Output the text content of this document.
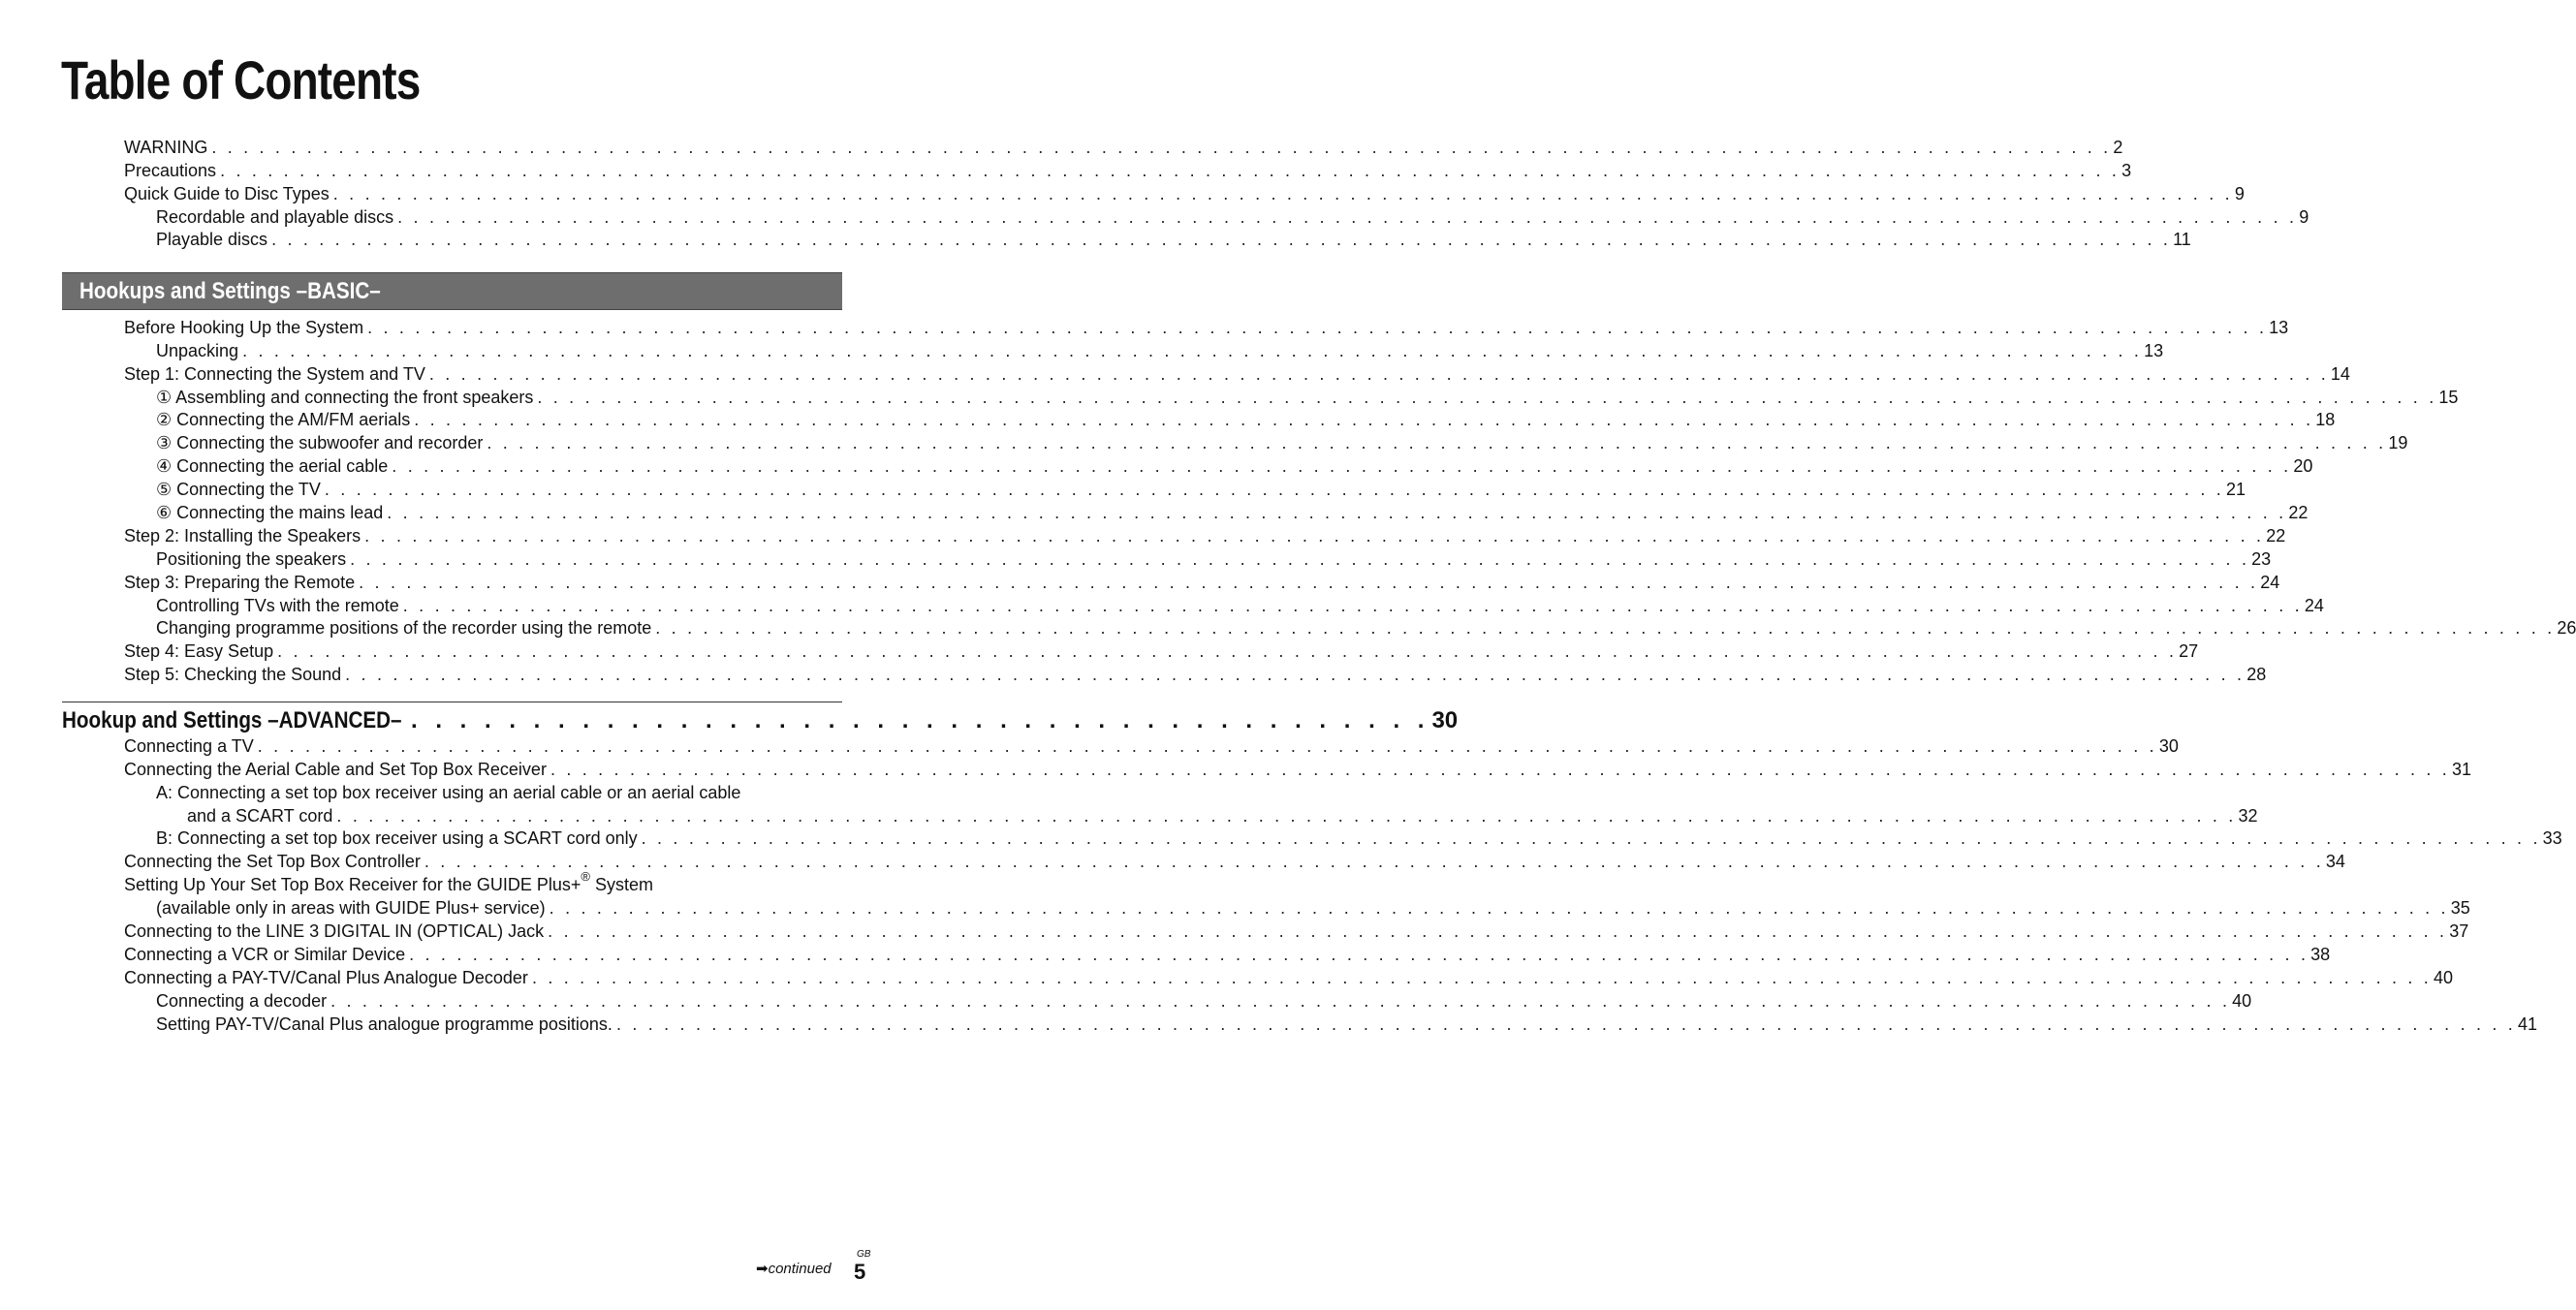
Table of Contents
WARNING . . . . . . . . . . . . . . . . . . . . . . . . . . . . . . . . . . . . . . . . . . . . . . . . . . . . . . . . . . . . . . . . . . . . . . . . . . . . . . . . . . . . . . . . . . . . . . . . . . . . . . . . . . . . . . . . . . . . . . . . 2
Precautions . . . . . . . . . . . . . . . . . . . . . . . . . . . . . . . . . . . . . . . . . . . . . . . . . . . . . . . . . . . . . . . . . . . . . . . . . . . . . . . . . . . . . . . . . . . . . . . . . . . . . . . . . . . . . . . . . . . . . . . . 3
Quick Guide to Disc Types . . . . . . . . . . . . . . . . . . . . . . . . . . . . . . . . . . . . . . . . . . . . . . . . . . . . . . . . . . . . . . . . . . . . . . . . . . . . . . . . . . . . . . . . . . . . . . . . . . . . . . . . . . . . . . . . . . . . . . . . 9
Recordable and playable discs . . . . . . . . . . . . . . . . . . . . . . . . . . . . . . . . . . . . . . . . . . . . . . . . . . . . . . . . . . . . . . . . . . . . . . . . . . . . . . . . . . . . . . . . . . . . . . . . . . . . . . . . . . . . . . . . . . . . . . . . 9
Playable discs . . . . . . . . . . . . . . . . . . . . . . . . . . . . . . . . . . . . . . . . . . . . . . . . . . . . . . . . . . . . . . . . . . . . . . . . . . . . . . . . . . . . . . . . . . . . . . . . . . . . . . . . . . . . . . . . . . . . . . . . 11
Hookups and Settings –BASIC–
Before Hooking Up the System . . . . . . . . . . . . . . . . . . . . . . . . . . . . . . . . . . . . . . . . . . . . . . . . . . . . . . . . . . . . . . . . . . . . . . . . . . . . . . . . . . . . . . . . . . . . . . . . . . . . . . . . . . . . . . . . . . . . . . . . 13
Unpacking . . . . . . . . . . . . . . . . . . . . . . . . . . . . . . . . . . . . . . . . . . . . . . . . . . . . . . . . . . . . . . . . . . . . . . . . . . . . . . . . . . . . . . . . . . . . . . . . . . . . . . . . . . . . . . . . . . . . . . . . 13
Step 1: Connecting the System and TV . . . . . . . . . . . . . . . . . . . . . . . . . . . . . . . . . . . . . . . . . . . . . . . . . . . . . . . . . . . . . . . . . . . . . . . . . . . . . . . . . . . . . . . . . . . . . . . . . . . . . . . . . . . . . . . . . . . . . . . . 14
① Assembling and connecting the front speakers . . . . . . . . . . . . . . . . . . . . . . . . . . . . . . . . . . . . . . . . . . . . . . . . . . . . . . . . . . . . . . . . . . . . . . . . . . . . . . . . . . . . . . . . . . . . . . . . . . . . . . . . . . . . . . . . . . . . . . . . 15
② Connecting the AM/FM aerials . . . . . . . . . . . . . . . . . . . . . . . . . . . . . . . . . . . . . . . . . . . . . . . . . . . . . . . . . . . . . . . . . . . . . . . . . . . . . . . . . . . . . . . . . . . . . . . . . . . . . . . . . . . . . . . . . . . . . . . . 18
③ Connecting the subwoofer and recorder . . . . . . . . . . . . . . . . . . . . . . . . . . . . . . . . . . . . . . . . . . . . . . . . . . . . . . . . . . . . . . . . . . . . . . . . . . . . . . . . . . . . . . . . . . . . . . . . . . . . . . . . . . . . . . . . . . . . . . . . 19
④ Connecting the aerial cable . . . . . . . . . . . . . . . . . . . . . . . . . . . . . . . . . . . . . . . . . . . . . . . . . . . . . . . . . . . . . . . . . . . . . . . . . . . . . . . . . . . . . . . . . . . . . . . . . . . . . . . . . . . . . . . . . . . . . . . . 20
⑤ Connecting the TV . . . . . . . . . . . . . . . . . . . . . . . . . . . . . . . . . . . . . . . . . . . . . . . . . . . . . . . . . . . . . . . . . . . . . . . . . . . . . . . . . . . . . . . . . . . . . . . . . . . . . . . . . . . . . . . . . . . . . . . . 21
⑥ Connecting the mains lead . . . . . . . . . . . . . . . . . . . . . . . . . . . . . . . . . . . . . . . . . . . . . . . . . . . . . . . . . . . . . . . . . . . . . . . . . . . . . . . . . . . . . . . . . . . . . . . . . . . . . . . . . . . . . . . . . . . . . . . . 22
Step 2: Installing the Speakers . . . . . . . . . . . . . . . . . . . . . . . . . . . . . . . . . . . . . . . . . . . . . . . . . . . . . . . . . . . . . . . . . . . . . . . . . . . . . . . . . . . . . . . . . . . . . . . . . . . . . . . . . . . . . . . . . . . . . . . . 22
Positioning the speakers . . . . . . . . . . . . . . . . . . . . . . . . . . . . . . . . . . . . . . . . . . . . . . . . . . . . . . . . . . . . . . . . . . . . . . . . . . . . . . . . . . . . . . . . . . . . . . . . . . . . . . . . . . . . . . . . . . . . . . . . 23
Step 3: Preparing the Remote . . . . . . . . . . . . . . . . . . . . . . . . . . . . . . . . . . . . . . . . . . . . . . . . . . . . . . . . . . . . . . . . . . . . . . . . . . . . . . . . . . . . . . . . . . . . . . . . . . . . . . . . . . . . . . . . . . . . . . . . 24
Controlling TVs with the remote . . . . . . . . . . . . . . . . . . . . . . . . . . . . . . . . . . . . . . . . . . . . . . . . . . . . . . . . . . . . . . . . . . . . . . . . . . . . . . . . . . . . . . . . . . . . . . . . . . . . . . . . . . . . . . . . . . . . . . . . 24
Changing programme positions of the recorder using the remote . . . . . . . . . . . . . . . . . . . . . . . . . . . . . . . . . . . . . . . . . . . . . . . . . . . . . . . . . . . . . . . . . . . . . . . . . . . . . . . . . . . . . . . . . . . . . . . . . . . . . . . . . . . . . . . . . . . . . . . . 26
Step 4: Easy Setup . . . . . . . . . . . . . . . . . . . . . . . . . . . . . . . . . . . . . . . . . . . . . . . . . . . . . . . . . . . . . . . . . . . . . . . . . . . . . . . . . . . . . . . . . . . . . . . . . . . . . . . . . . . . . . . . . . . . . . . . 27
Step 5: Checking the Sound . . . . . . . . . . . . . . . . . . . . . . . . . . . . . . . . . . . . . . . . . . . . . . . . . . . . . . . . . . . . . . . . . . . . . . . . . . . . . . . . . . . . . . . . . . . . . . . . . . . . . . . . . . . . . . . . . . . . . . . . 28
Hookup and Settings –ADVANCED– . . . . . . . . . . . . . . . . . . . . . . . . . . . . . . . . . . . . . . . . . . 30
Connecting a TV . . . . . . . . . . . . . . . . . . . . . . . . . . . . . . . . . . . . . . . . . . . . . . . . . . . . . . . . . . . . . . . . . . . . . . . . . . . . . . . . . . . . . . . . . . . . . . . . . . . . . . . . . . . . . . . . . . . . . . . . 30
Connecting the Aerial Cable and Set Top Box Receiver . . . . . . . . . . . . . . . . . . . . . . . . . . . . . . . . . . . . . . . . . . . . . . . . . . . . . . . . . . . . . . . . . . . . . . . . . . . . . . . . . . . . . . . . . . . . . . . . . . . . . . . . . . . . . . . . . . . . . . . . 31
A: Connecting a set top box receiver using an aerial cable or an aerial cable
and a SCART cord . . . . . . . . . . . . . . . . . . . . . . . . . . . . . . . . . . . . . . . . . . . . . . . . . . . . . . . . . . . . . . . . . . . . . . . . . . . . . . . . . . . . . . . . . . . . . . . . . . . . . . . . . . . . . . . . . . . . . . . . 32
B: Connecting a set top box receiver using a SCART cord only . . . . . . . . . . . . . . . . . . . . . . . . . . . . . . . . . . . . . . . . . . . . . . . . . . . . . . . . . . . . . . . . . . . . . . . . . . . . . . . . . . . . . . . . . . . . . . . . . . . . . . . . . . . . . . . . . . . . . . . . 33
Connecting the Set Top Box Controller . . . . . . . . . . . . . . . . . . . . . . . . . . . . . . . . . . . . . . . . . . . . . . . . . . . . . . . . . . . . . . . . . . . . . . . . . . . . . . . . . . . . . . . . . . . . . . . . . . . . . . . . . . . . . . . . . . . . . . . . 34
Setting Up Your Set Top Box Receiver for the GUIDE Plus+® System
(available only in areas with GUIDE Plus+ service) . . . . . . . . . . . . . . . . . . . . . . . . . . . . . . . . . . . . . . . . . . . . . . . . . . . . . . . . . . . . . . . . . . . . . . . . . . . . . . . . . . . . . . . . . . . . . . . . . . . . . . . . . . . . . . . . . . . . . . . . 35
Connecting to the LINE 3 DIGITAL IN (OPTICAL) Jack . . . . . . . . . . . . . . . . . . . . . . . . . . . . . . . . . . . . . . . . . . . . . . . . . . . . . . . . . . . . . . . . . . . . . . . . . . . . . . . . . . . . . . . . . . . . . . . . . . . . . . . . . . . . . . . . . . . . . . . . 37
Connecting a VCR or Similar Device . . . . . . . . . . . . . . . . . . . . . . . . . . . . . . . . . . . . . . . . . . . . . . . . . . . . . . . . . . . . . . . . . . . . . . . . . . . . . . . . . . . . . . . . . . . . . . . . . . . . . . . . . . . . . . . . . . . . . . . . 38
Connecting a PAY-TV/Canal Plus Analogue Decoder . . . . . . . . . . . . . . . . . . . . . . . . . . . . . . . . . . . . . . . . . . . . . . . . . . . . . . . . . . . . . . . . . . . . . . . . . . . . . . . . . . . . . . . . . . . . . . . . . . . . . . . . . . . . . . . . . . . . . . . . 40
Connecting a decoder . . . . . . . . . . . . . . . . . . . . . . . . . . . . . . . . . . . . . . . . . . . . . . . . . . . . . . . . . . . . . . . . . . . . . . . . . . . . . . . . . . . . . . . . . . . . . . . . . . . . . . . . . . . . . . . . . . . . . . . . 40
Setting PAY-TV/Canal Plus analogue programme positions. . . . . . . . . . . . . . . . . . . . . . . . . . . . . . . . . . . . . . . . . . . . . . . . . . . . . . . . . . . . . . . . . . . . . . . . . . . . . . . . . . . . . . . . . . . . . . . . . . . . . . . . . . . . . . . . . . . . . . . . . 41
GB
➡continued 5
